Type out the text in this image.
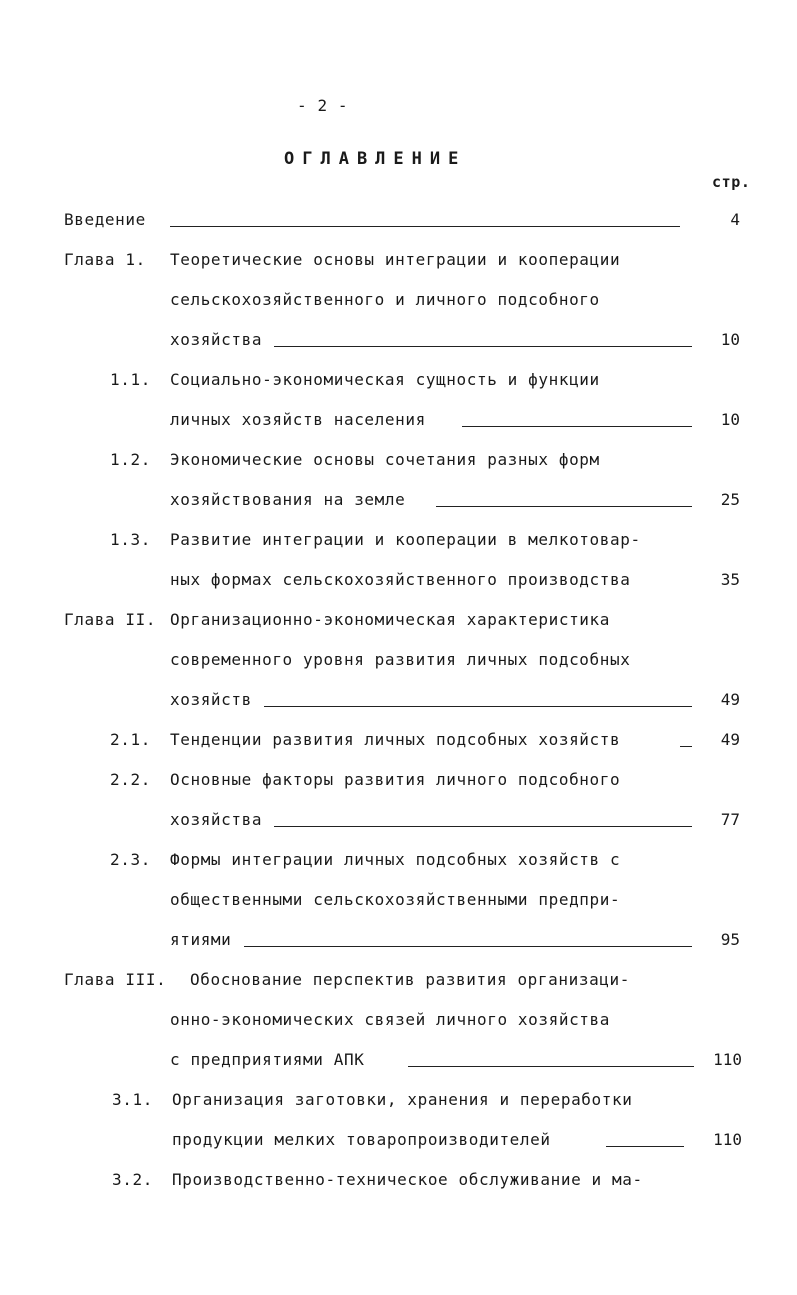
- 2 -
ОГЛАВЛЕНИЕ
стр.
Введение	4
Глава 1. Теоретические основы интеграции и кооперации
сельскохозяйственного и личного подсобного
хозяйства	10
1.1. Социально-экономическая сущность и функции
личных хозяйств населения	10
1.2. Экономические основы сочетания разных форм
хозяйствования на земле	25
1.3. Развитие интеграции и кооперации в мелкотовар-
ных формах сельскохозяйственного производства	35
Глава II. Организационно-экономическая характеристика
современного уровня развития личных подсобных
хозяйств	49
2.1. Тенденции развития личных подсобных хозяйств	49
2.2. Основные факторы развития личного подсобного
хозяйства	77
2.3. Формы интеграции личных подсобных хозяйств с
общественными сельскохозяйственными предпри-
ятиями	95
Глава III. Обоснование перспектив развития организаци-
онно-экономических связей личного хозяйства
с предприятиями АПК	110
3.1. Организация заготовки, хранения и переработки
продукции мелких товаропроизводителей	110
3.2. Производственно-техническое обслуживание и ма-
